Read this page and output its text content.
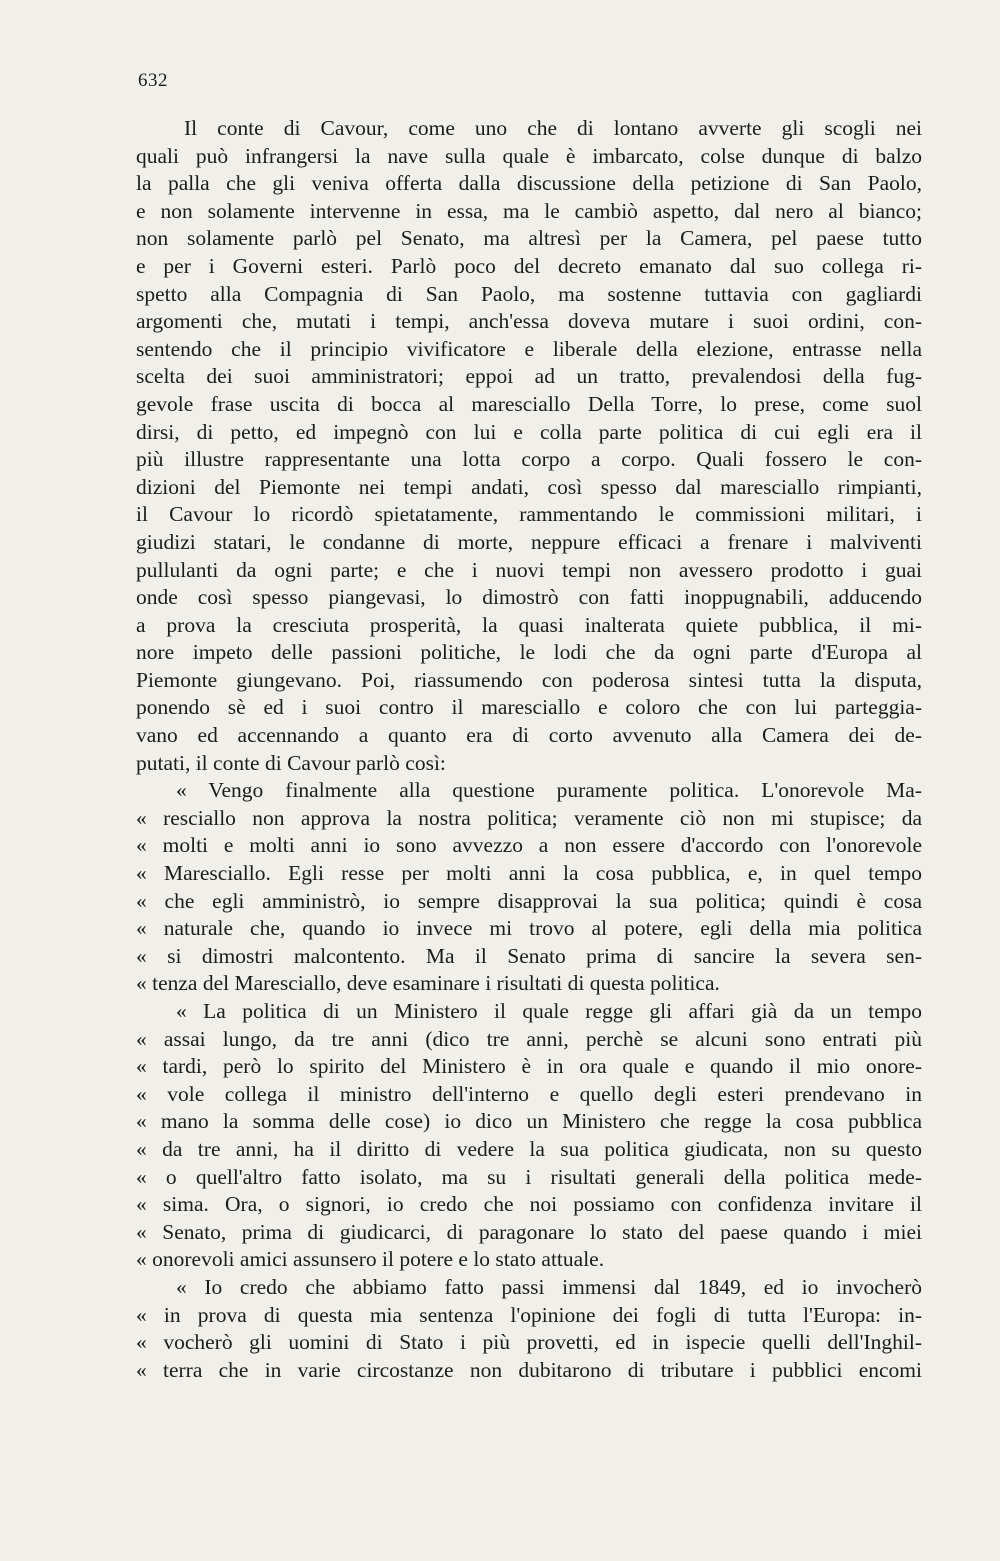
632
Il conte di Cavour, come uno che di lontano avverte gli scogli nei
quali può infrangersi la nave sulla quale è imbarcato, colse dunque di balzo
la palla che gli veniva offerta dalla discussione della petizione di San Paolo,
e non solamente intervenne in essa, ma le cambiò aspetto, dal nero al bianco;
non solamente parlò pel Senato, ma altresì per la Camera, pel paese tutto
e per i Governi esteri. Parlò poco del decreto emanato dal suo collega ri-
spetto alla Compagnia di San Paolo, ma sostenne tuttavia con gagliardi
argomenti che, mutati i tempi, anch'essa doveva mutare i suoi ordini, con-
sentendo che il principio vivificatore e liberale della elezione, entrasse nella
scelta dei suoi amministratori; eppoi ad un tratto, prevalendosi della fug-
gevole frase uscita di bocca al maresciallo Della Torre, lo prese, come suol
dirsi, di petto, ed impegnò con lui e colla parte politica di cui egli era il
più illustre rappresentante una lotta corpo a corpo. Quali fossero le con-
dizioni del Piemonte nei tempi andati, così spesso dal maresciallo rimpianti,
il Cavour lo ricordò spietatamente, rammentando le commissioni militari, i
giudizi statari, le condanne di morte, neppure efficaci a frenare i malviventi
pullulanti da ogni parte; e che i nuovi tempi non avessero prodotto i guai
onde così spesso piangevasi, lo dimostrò con fatti inoppugnabili, adducendo
a prova la cresciuta prosperità, la quasi inalterata quiete pubblica, il mi-
nore impeto delle passioni politiche, le lodi che da ogni parte d'Europa al
Piemonte giungevano. Poi, riassumendo con poderosa sintesi tutta la disputa,
ponendo sè ed i suoi contro il maresciallo e coloro che con lui parteggia-
vano ed accennando a quanto era di corto avvenuto alla Camera dei de-
putati, il conte di Cavour parlò così:
« Vengo finalmente alla questione puramente politica. L'onorevole Ma-
« resciallo non approva la nostra politica; veramente ciò non mi stupisce; da
« molti e molti anni io sono avvezzo a non essere d'accordo con l'onorevole
« Maresciallo. Egli resse per molti anni la cosa pubblica, e, in quel tempo
« che egli amministrò, io sempre disapprovai la sua politica; quindi è cosa
« naturale che, quando io invece mi trovo al potere, egli della mia politica
« si dimostri malcontento. Ma il Senato prima di sancire la severa sen-
« tenza del Maresciallo, deve esaminare i risultati di questa politica.
« La politica di un Ministero il quale regge gli affari già da un tempo
« assai lungo, da tre anni (dico tre anni, perchè se alcuni sono entrati più
« tardi, però lo spirito del Ministero è in ora quale e quando il mio onore-
« vole collega il ministro dell'interno e quello degli esteri prendevano in
« mano la somma delle cose) io dico un Ministero che regge la cosa pubblica
« da tre anni, ha il diritto di vedere la sua politica giudicata, non su questo
« o quell'altro fatto isolato, ma su i risultati generali della politica mede-
« sima. Ora, o signori, io credo che noi possiamo con confidenza invitare il
« Senato, prima di giudicarci, di paragonare lo stato del paese quando i miei
« onorevoli amici assunsero il potere e lo stato attuale.
« Io credo che abbiamo fatto passi immensi dal 1849, ed io invocherò
« in prova di questa mia sentenza l'opinione dei fogli di tutta l'Europa: in-
« vocherò gli uomini di Stato i più provetti, ed in ispecie quelli dell'Inghil-
« terra che in varie circostanze non dubitarono di tributare i pubblici encomi
